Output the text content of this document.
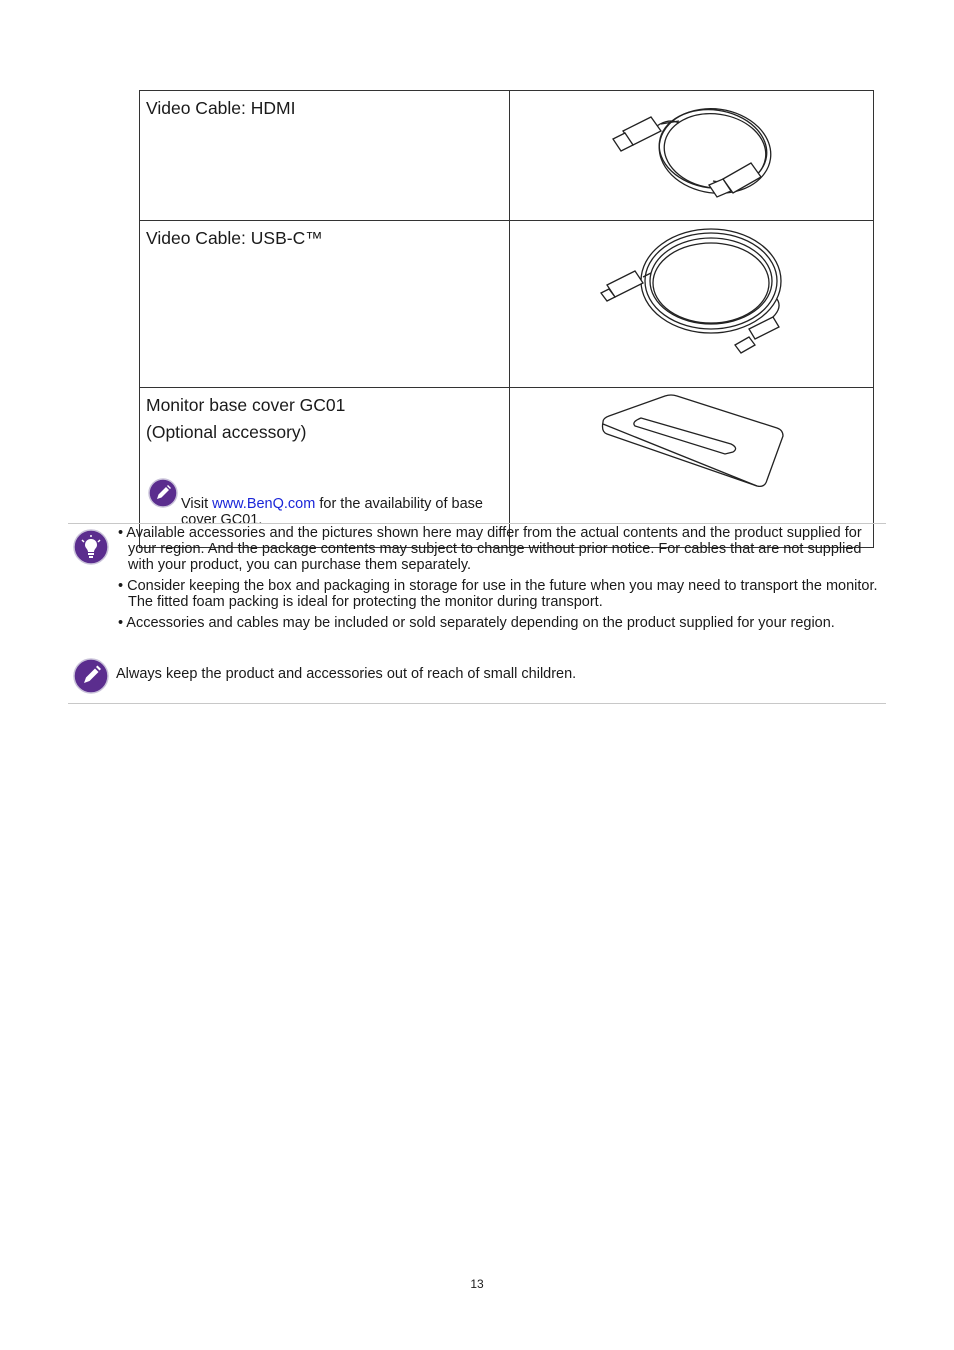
Video Cable: HDMI	
Video Cable: USB-C™	

Monitor base cover GC01
(Optional accessory)
Visit www.BenQ.com for the availability of base cover GC01.

• Available accessories and the pictures shown here may differ from the actual contents and the product supplied for your region. And the package contents may subject to change without prior notice. For cables that are not supplied with your product, you can purchase them separately.
• Consider keeping the box and packaging in storage for use in the future when you may need to transport the monitor. The fitted foam packing is ideal for protecting the monitor during transport.
• Accessories and cables may be included or sold separately depending on the product supplied for your region.
Always keep the product and accessories out of reach of small children.
13
